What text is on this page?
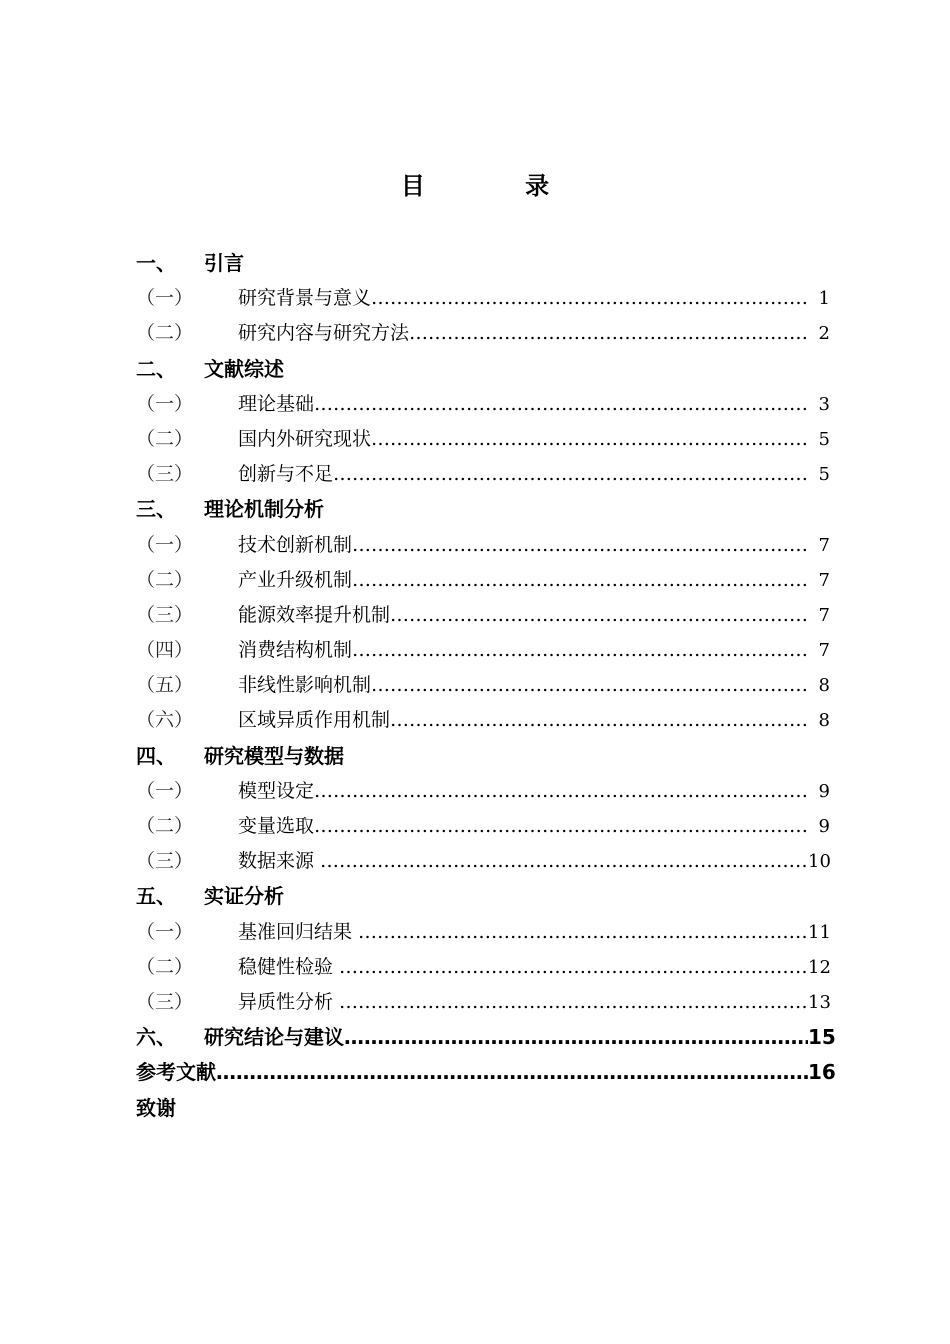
目 录
一、 引言
（一） 研究背景与意义 …………………………………………………………………………………………………………………………………………………	1
（二） 研究内容与研究方法 …………………………………………………………………………………………………………………………………………………	2
二、 文献综述
（一） 理论基础 …………………………………………………………………………………………………………………………………………………	3
（二） 国内外研究现状 …………………………………………………………………………………………………………………………………………………	5
（三） 创新与不足 …………………………………………………………………………………………………………………………………………………	5
三、 理论机制分析
（一） 技术创新机制 …………………………………………………………………………………………………………………………………………………	7
（二） 产业升级机制 …………………………………………………………………………………………………………………………………………………	7
（三） 能源效率提升机制 …………………………………………………………………………………………………………………………………………………	7
（四） 消费结构机制 …………………………………………………………………………………………………………………………………………………	7
（五） 非线性影响机制 …………………………………………………………………………………………………………………………………………………	8
（六） 区域异质作用机制 …………………………………………………………………………………………………………………………………………………	8
四、 研究模型与数据
（一） 模型设定 …………………………………………………………………………………………………………………………………………………	9
（二） 变量选取 …………………………………………………………………………………………………………………………………………………	9
（三） 数据来源 …………………………………………………………………………………………………………………………………………………	10
五、 实证分析
（一） 基准回归结果 …………………………………………………………………………………………………………………………………………………	11
（二） 稳健性检验 …………………………………………………………………………………………………………………………………………………	12
（三） 异质性分析 …………………………………………………………………………………………………………………………………………………	13
六、 研究结论与建议 …………………………………………………………………………………………………………………………………………………	15
参考文献 …………………………………………………………………………………………………………………………………………………	16
致谢
